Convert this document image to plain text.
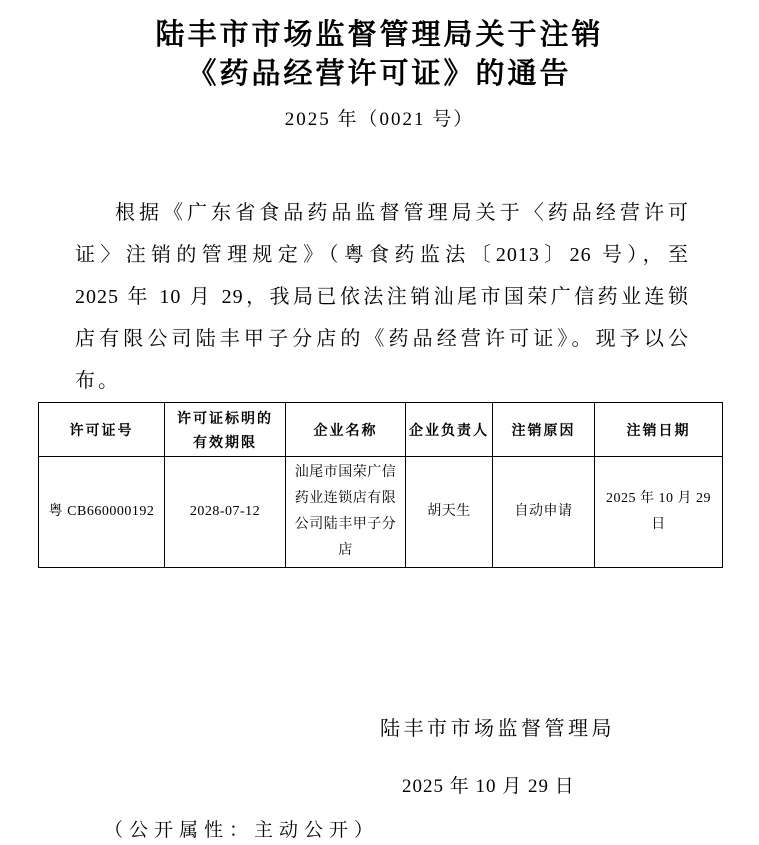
陆丰市市场监督管理局关于注销
《药品经营许可证》的通告
2025 年（0021 号）
根据《广东省食品药品监督管理局关于〈药品经营许可
证〉注销的管理规定》（粤食药监法〔2013〕26 号），至
2025 年 10 月 29，我局已依法注销汕尾市国荣广信药业连锁
店有限公司陆丰甲子分店的《药品经营许可证》。现予以公
布。
许可证号	许可证标明的有效期限	企业名称	企业负责人	注销原因	注销日期
粤 CB660000192	2028-07-12	汕尾市国荣广信药业连锁店有限公司陆丰甲子分店	胡天生	自动申请	2025 年 10 月 29 日
陆丰市市场监督管理局
2025 年 10 月 29 日
（公开属性：主动公开）
